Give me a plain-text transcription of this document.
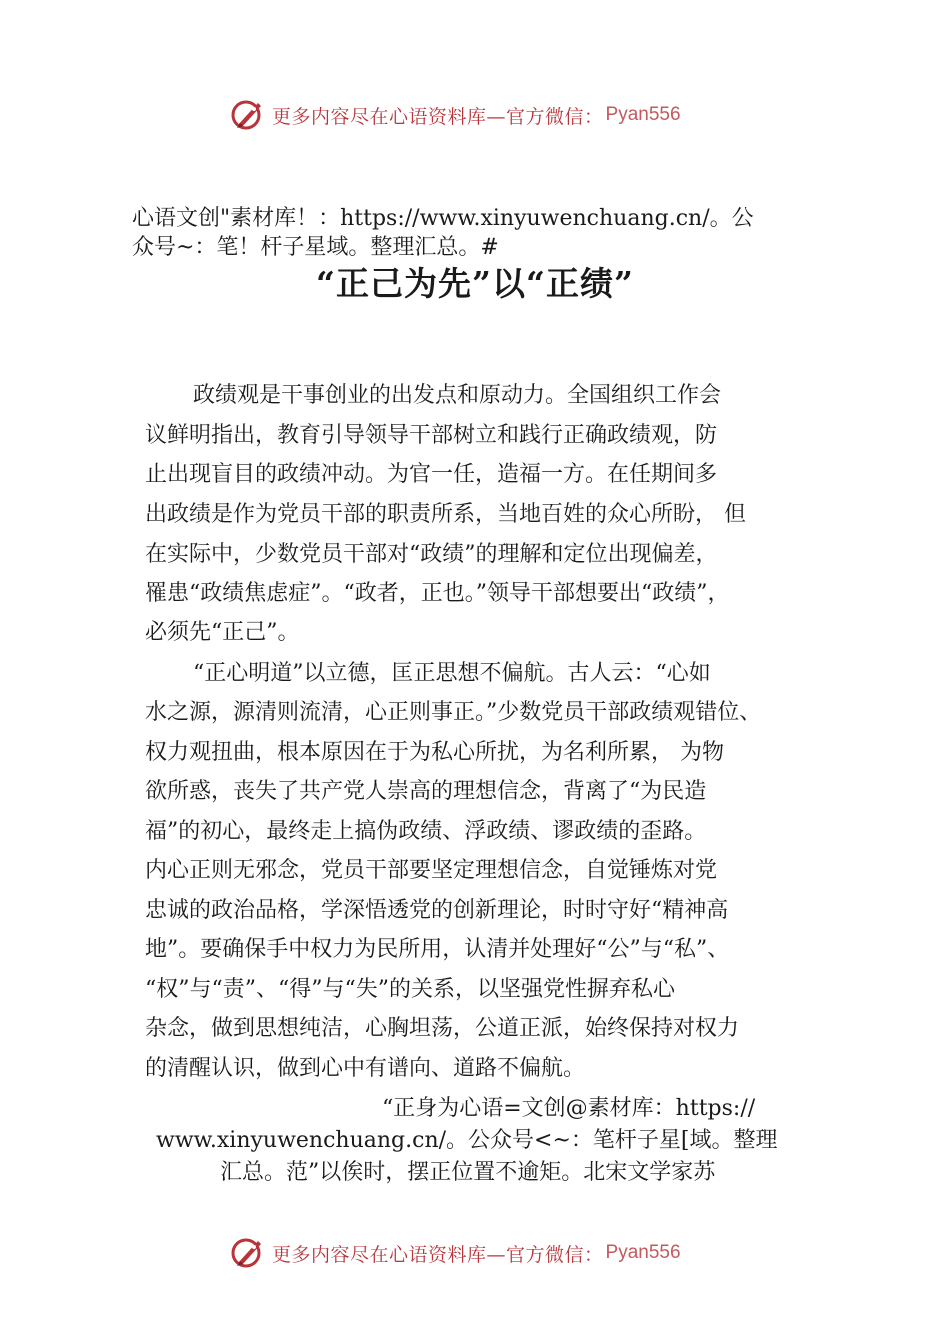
更多内容尽在心语资料库—官方微信： Pyan556
心语文创"素材库！：https://www.xinyuwenchuang.cn/。公
众号~：笔！杆子星域。整理汇总。#
“正己为先”以“正绩”
政绩观是干事创业的出发点和原动力。全国组织工作会
议鲜明指出，教育引导领导干部树立和践行正确政绩观，防
止出现盲目的政绩冲动。为官一任，造福一方。在任期间多
出政绩是作为党员干部的职责所系，当地百姓的众心所盼， 但
在实际中，少数党员干部对“政绩”的理解和定位出现偏差，
罹患“政绩焦虑症”。“政者，正也。”领导干部想要出“政绩”，
必须先“正己”。
“正心明道”以立德，匡正思想不偏航。古人云：“心如
水之源，源清则流清，心正则事正。”少数党员干部政绩观错位、
权力观扭曲，根本原因在于为私心所扰，为名利所累， 为物
欲所惑，丧失了共产党人崇高的理想信念，背离了“为民造
福”的初心，最终走上搞伪政绩、浮政绩、谬政绩的歪路。
内心正则无邪念，党员干部要坚定理想信念，自觉锤炼对党
忠诚的政治品格，学深悟透党的创新理论，时时守好“精神高
地”。要确保手中权力为民所用，认清并处理好“公”与“私”、
“权”与“责”、“得”与“失”的关系，以坚强党性摒弃私心
杂念，做到思想纯洁，心胸坦荡，公道正派，始终保持对权力
的清醒认识，做到心中有谱向、道路不偏航。
“正身为心语=文创@素材库：https://
www.xinyuwenchuang.cn/。公众号<~：笔杆子星[域。整理
汇总。范”以俟时，摆正位置不逾矩。北宋文学家苏
更多内容尽在心语资料库—官方微信： Pyan556
